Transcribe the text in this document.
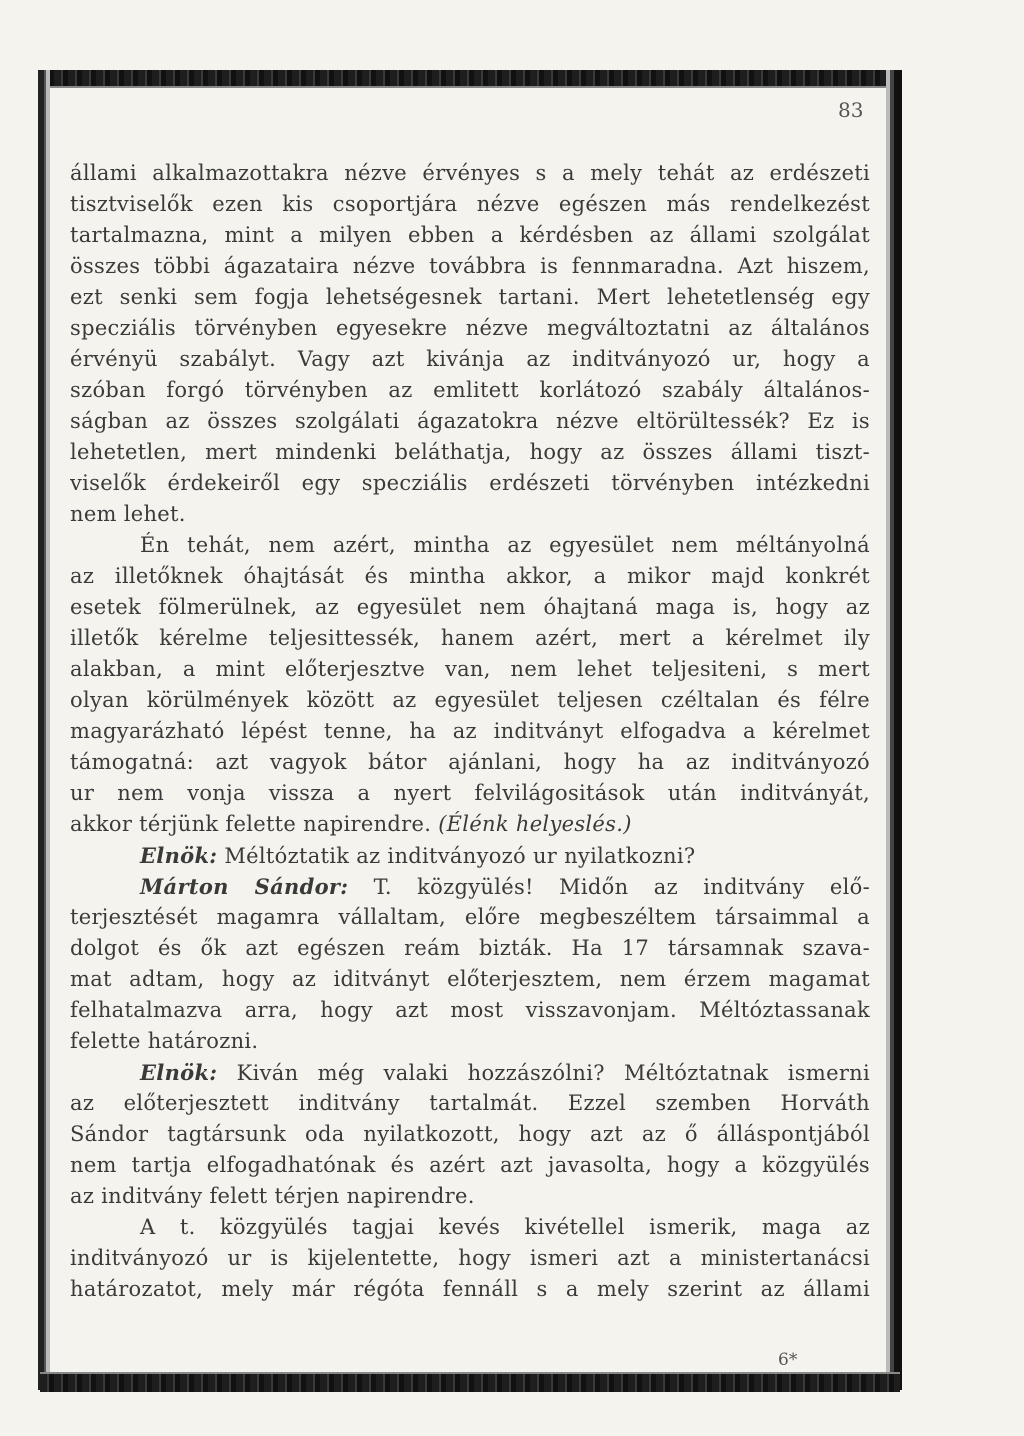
83
állami alkalmazottakra nézve érvényes s a mely tehát az erdészeti
tisztviselők ezen kis csoportjára nézve egészen más rendelkezést
tartalmazna, mint a milyen ebben a kérdésben az állami szolgálat
összes többi ágazataira nézve továbbra is fennmaradna. Azt hiszem,
ezt senki sem fogja lehetségesnek tartani. Mert lehetetlenség egy
specziális törvényben egyesekre nézve megváltoztatni az általános
érvényü szabályt. Vagy azt kivánja az inditványozó ur, hogy a
szóban forgó törvényben az emlitett korlátozó szabály általános-
ságban az összes szolgálati ágazatokra nézve eltörültessék? Ez is
lehetetlen, mert mindenki beláthatja, hogy az összes állami tiszt-
viselők érdekeiről egy specziális erdészeti törvényben intézkedni
nem lehet.
Én tehát, nem azért, mintha az egyesület nem méltányolná
az illetőknek óhajtását és mintha akkor, a mikor majd konkrét
esetek fölmerülnek, az egyesület nem óhajtaná maga is, hogy az
illetők kérelme teljesittessék, hanem azért, mert a kérelmet ily
alakban, a mint előterjesztve van, nem lehet teljesiteni, s mert
olyan körülmények között az egyesület teljesen czéltalan és félre
magyarázható lépést tenne, ha az inditványt elfogadva a kérelmet
támogatná: azt vagyok bátor ajánlani, hogy ha az inditványozó
ur nem vonja vissza a nyert felvilágositások után inditványát,
akkor térjünk felette napirendre. (Élénk helyeslés.)
Elnök: Méltóztatik az inditványozó ur nyilatkozni?
Márton Sándor: T. közgyülés! Midőn az inditvány elő-
terjesztését magamra vállaltam, előre megbeszéltem társaimmal a
dolgot és ők azt egészen reám bizták. Ha 17 társamnak szava-
mat adtam, hogy az iditványt előterjesztem, nem érzem magamat
felhatalmazva arra, hogy azt most visszavonjam. Méltóztassanak
felette határozni.
Elnök: Kiván még valaki hozzászólni? Méltóztatnak ismerni
az előterjesztett inditvány tartalmát. Ezzel szemben Horváth
Sándor tagtársunk oda nyilatkozott, hogy azt az ő álláspontjából
nem tartja elfogadhatónak és azért azt javasolta, hogy a közgyülés
az inditvány felett térjen napirendre.
A t. közgyülés tagjai kevés kivétellel ismerik, maga az
inditványozó ur is kijelentette, hogy ismeri azt a ministertanácsi
határozatot, mely már régóta fennáll s a mely szerint az állami
6*
